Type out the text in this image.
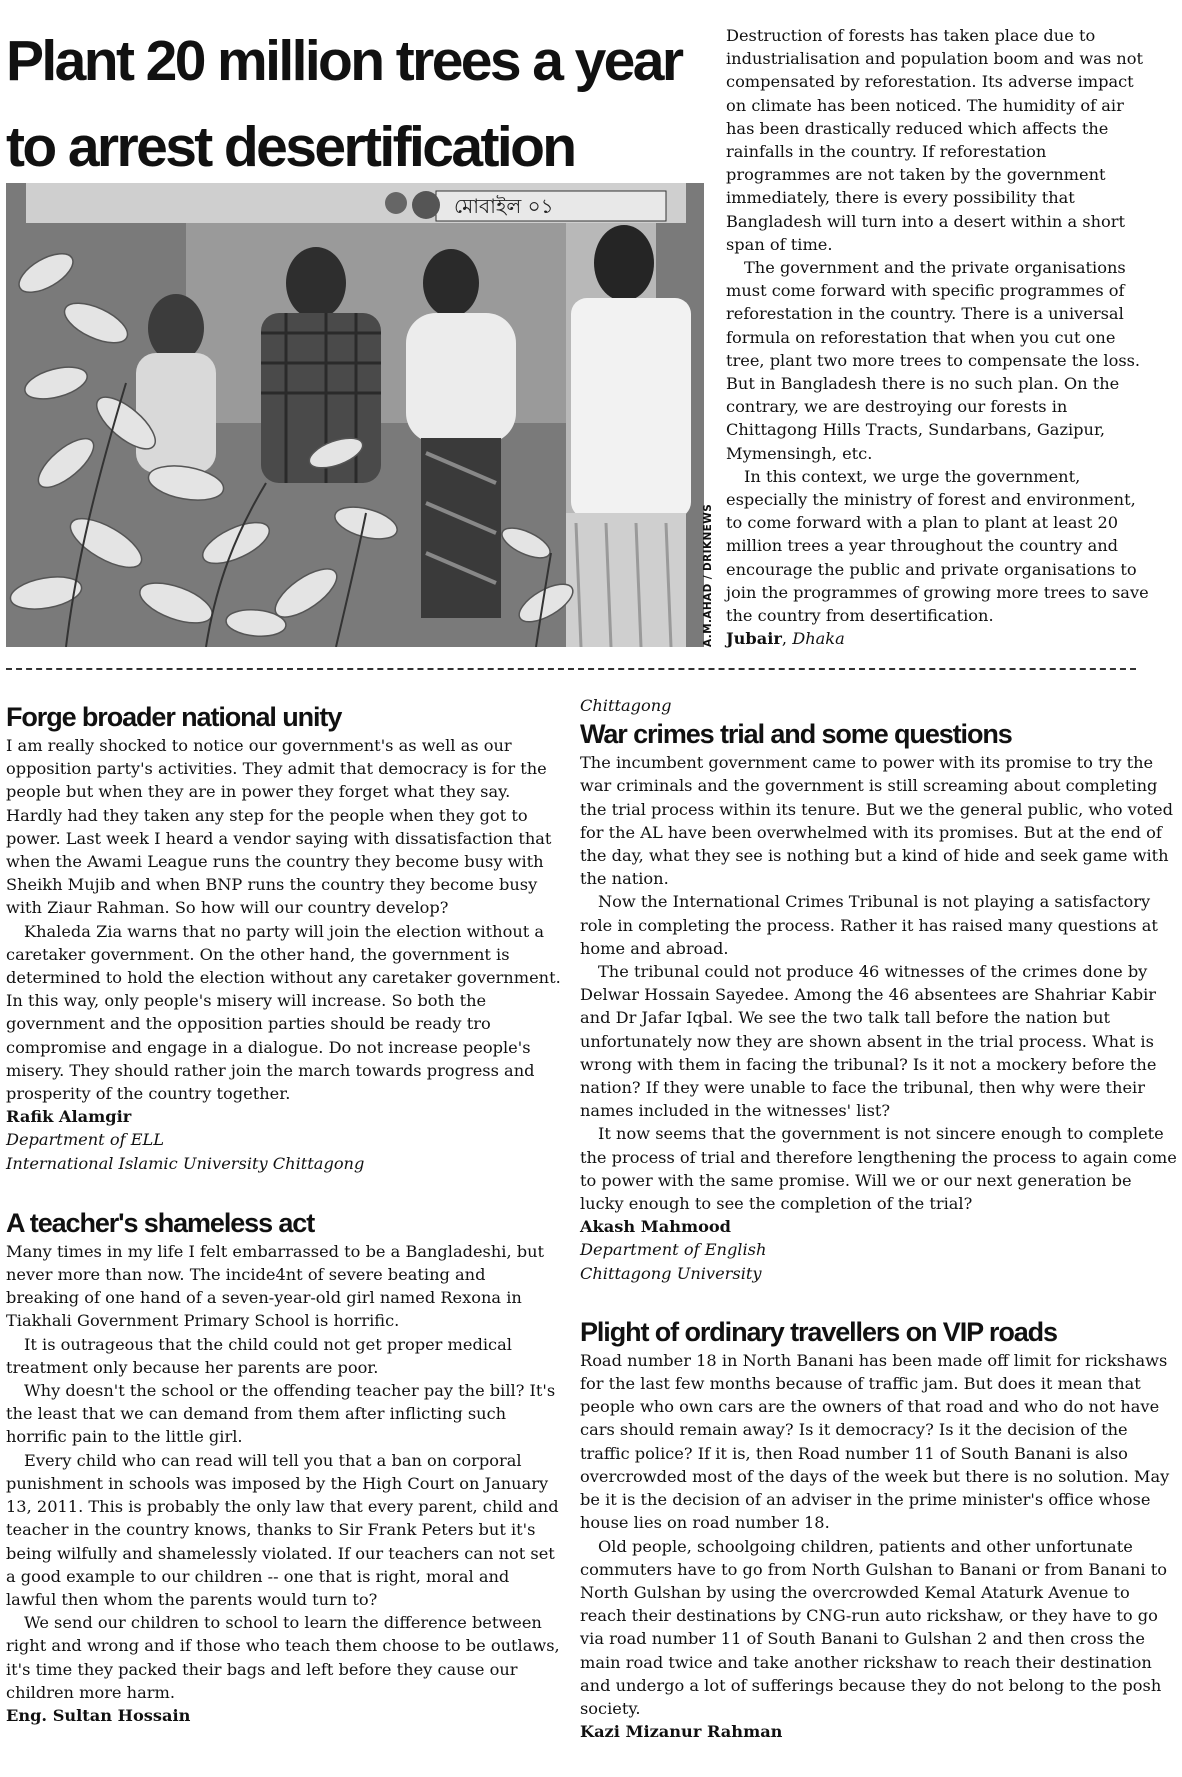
Plant 20 million trees a year to arrest desertification
মোবাইল ০১
A.M.AHAD / DRIKNEWS

Destruction of forests has taken place due to industrialisation and population boom and was not compensated by reforestation. Its adverse impact on climate has been noticed. The humidity of air has been drastically reduced which affects the rainfalls in the country. If reforestation programmes are not taken by the government immediately, there is every possibility that Bangladesh will turn into a desert within a short span of time.

The government and the private organisations must come forward with specific programmes of reforestation in the country. There is a universal formula on reforestation that when you cut one tree, plant two more trees to compensate the loss. But in Bangladesh there is no such plan. On the contrary, we are destroying our forests in Chittagong Hills Tracts, Sundarbans, Gazipur, Mymensingh, etc.

In this context, we urge the government, especially the ministry of forest and environment, to come forward with a plan to plant at least 20 million trees a year throughout the country and encourage the public and private organisations to join the programmes of growing more trees to save the country from desertification.

Jubair, Dhaka

Forge broader national unity

I am really shocked to notice our government's as well as our opposition party's activities. They admit that democracy is for the people but when they are in power they forget what they say. Hardly had they taken any step for the people when they got to power. Last week I heard a vendor saying with dissatisfaction that when the Awami League runs the country they become busy with Sheikh Mujib and when BNP runs the country they become busy with Ziaur Rahman. So how will our country develop?

Khaleda Zia warns that no party will join the election without a caretaker government. On the other hand, the government is determined to hold the election without any caretaker government. In this way, only people's misery will increase. So both the government and the opposition parties should be ready tro compromise and engage in a dialogue. Do not increase people's misery. They should rather join the march towards progress and prosperity of the country together.

Rafik Alamgir

Department of ELL

International Islamic University Chittagong

A teacher's shameless act

Many times in my life I felt embarrassed to be a Bangladeshi, but never more than now. The incide4nt of severe beating and breaking of one hand of a seven-year-old girl named Rexona in Tiakhali Government Primary School is horrific.

It is outrageous that the child could not get proper medical treatment only because her parents are poor.

Why doesn't the school or the offending teacher pay the bill? It's the least that we can demand from them after inflicting such horrific pain to the little girl.

Every child who can read will tell you that a ban on corporal punishment in schools was imposed by the High Court on January 13, 2011. This is probably the only law that every parent, child and teacher in the country knows, thanks to Sir Frank Peters but it's being wilfully and shamelessly violated. If our teachers can not set a good example to our children -- one that is right, moral and lawful then whom the parents would turn to?

We send our children to school to learn the difference between right and wrong and if those who teach them choose to be outlaws, it's time they packed their bags and left before they cause our children more harm.

Eng. Sultan Hossain

Chittagong

War crimes trial and some questions

The incumbent government came to power with its promise to try the war criminals and the government is still screaming about completing the trial process within its tenure. But we the general public, who voted for the AL have been overwhelmed with its promises. But at the end of the day, what they see is nothing but a kind of hide and seek game with the nation.

Now the International Crimes Tribunal is not playing a satisfactory role in completing the process. Rather it has raised many questions at home and abroad.

The tribunal could not produce 46 witnesses of the crimes done by Delwar Hossain Sayedee. Among the 46 absentees are Shahriar Kabir and Dr Jafar Iqbal. We see the two talk tall before the nation but unfortunately now they are shown absent in the trial process. What is wrong with them in facing the tribunal? Is it not a mockery before the nation? If they were unable to face the tribunal, then why were their names included in the witnesses' list?

It now seems that the government is not sincere enough to complete the process of trial and therefore lengthening the process to again come to power with the same promise. Will we or our next generation be lucky enough to see the completion of the trial?

Akash Mahmood

Department of English

Chittagong University

Plight of ordinary travellers on VIP roads

Road number 18 in North Banani has been made off limit for rickshaws for the last few months because of traffic jam. But does it mean that people who own cars are the owners of that road and who do not have cars should remain away? Is it democracy? Is it the decision of the traffic police? If it is, then Road number 11 of South Banani is also overcrowded most of the days of the week but there is no solution. May be it is the decision of an adviser in the prime minister's office whose house lies on road number 18.

Old people, schoolgoing children, patients and other unfortunate commuters have to go from North Gulshan to Banani or from Banani to North Gulshan by using the overcrowded Kemal Ataturk Avenue to reach their destinations by CNG-run auto rickshaw, or they have to go via road number 11 of South Banani to Gulshan 2 and then cross the main road twice and take another rickshaw to reach their destination and undergo a lot of sufferings because they do not belong to the posh society.

Kazi Mizanur Rahman
